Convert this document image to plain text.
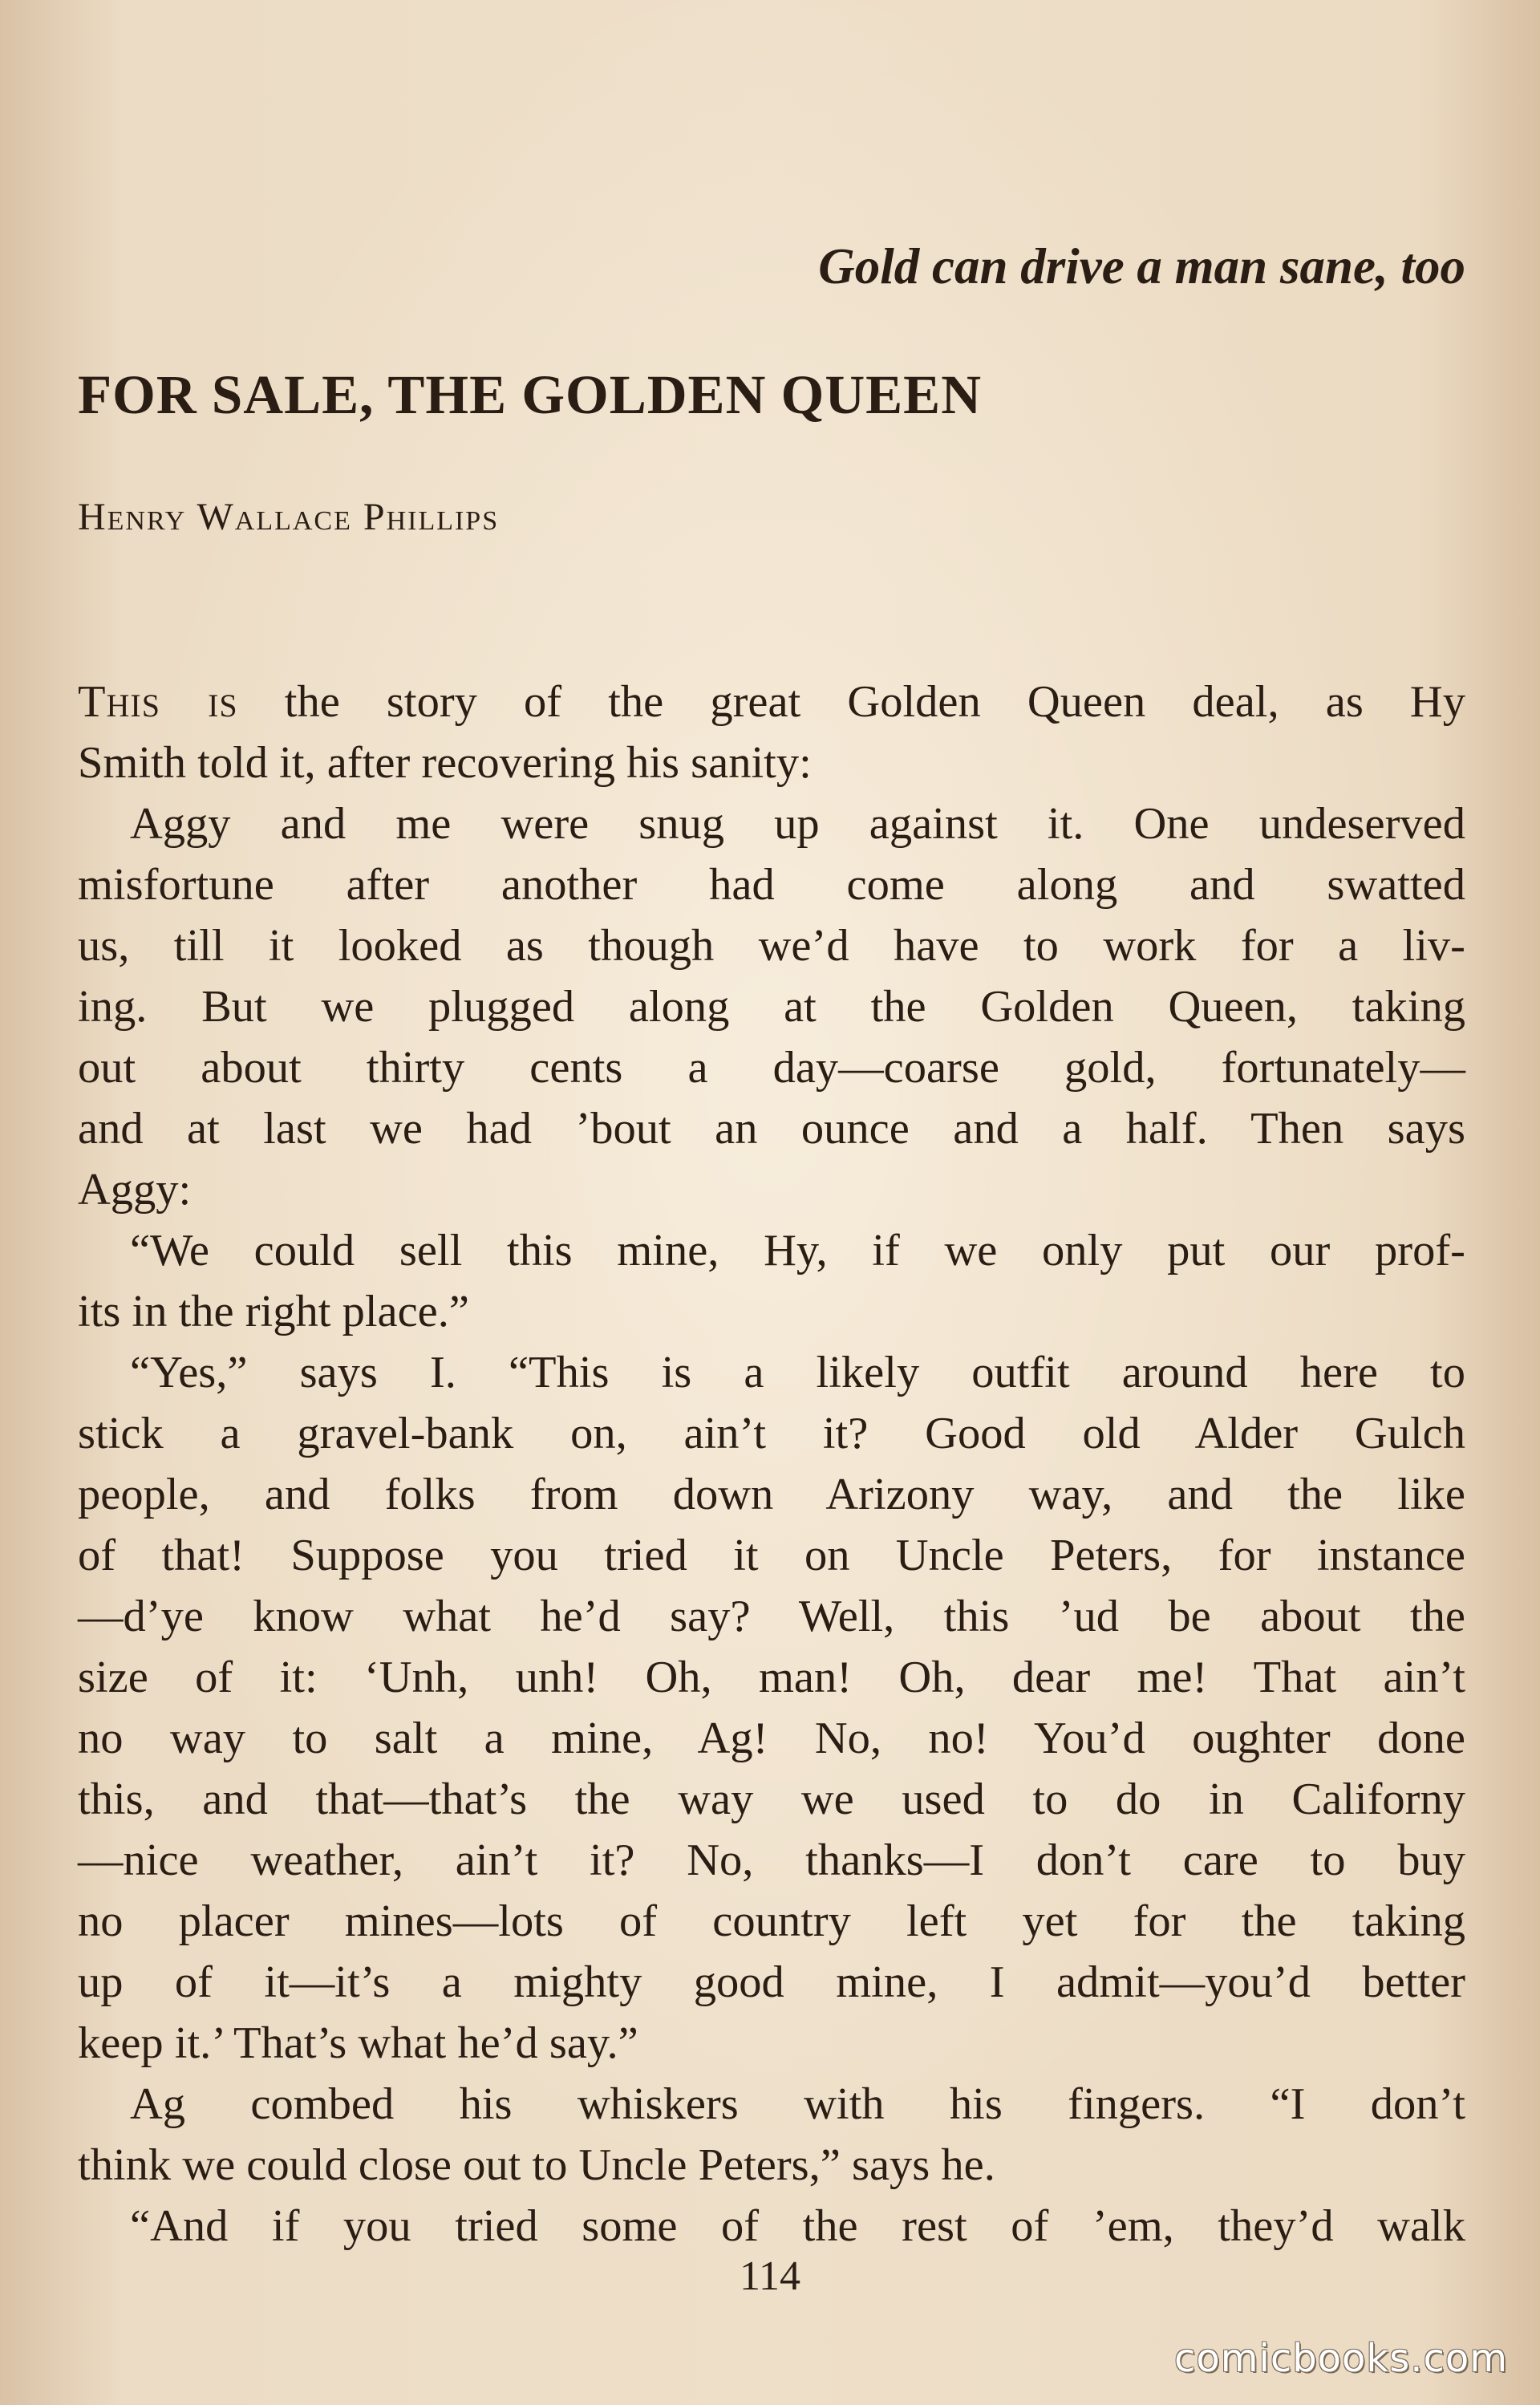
Gold can drive a man sane, too
FOR SALE, THE GOLDEN QUEEN
Henry Wallace Phillips
This is the story of the great Golden Queen deal, as Hy
Smith told it, after recovering his sanity:
Aggy and me were snug up against it. One undeserved
misfortune after another had come along and swatted
us, till it looked as though we’d have to work for a liv-
ing. But we plugged along at the Golden Queen, taking
out about thirty cents a day—coarse gold, fortunately—
and at last we had ’bout an ounce and a half. Then says
Aggy:
“We could sell this mine, Hy, if we only put our prof-
its in the right place.”
“Yes,” says I. “This is a likely outfit around here to
stick a gravel-bank on, ain’t it? Good old Alder Gulch
people, and folks from down Arizony way, and the like
of that! Suppose you tried it on Uncle Peters, for instance
—d’ye know what he’d say? Well, this ’ud be about the
size of it: ‘Unh, unh! Oh, man! Oh, dear me! That ain’t
no way to salt a mine, Ag! No, no! You’d oughter done
this, and that—that’s the way we used to do in Californy
—nice weather, ain’t it? No, thanks—I don’t care to buy
no placer mines—lots of country left yet for the taking
up of it—it’s a mighty good mine, I admit—you’d better
keep it.’ That’s what he’d say.”
Ag combed his whiskers with his fingers. “I don’t
think we could close out to Uncle Peters,” says he.
“And if you tried some of the rest of ’em, they’d walk
114
comicbooks.com
